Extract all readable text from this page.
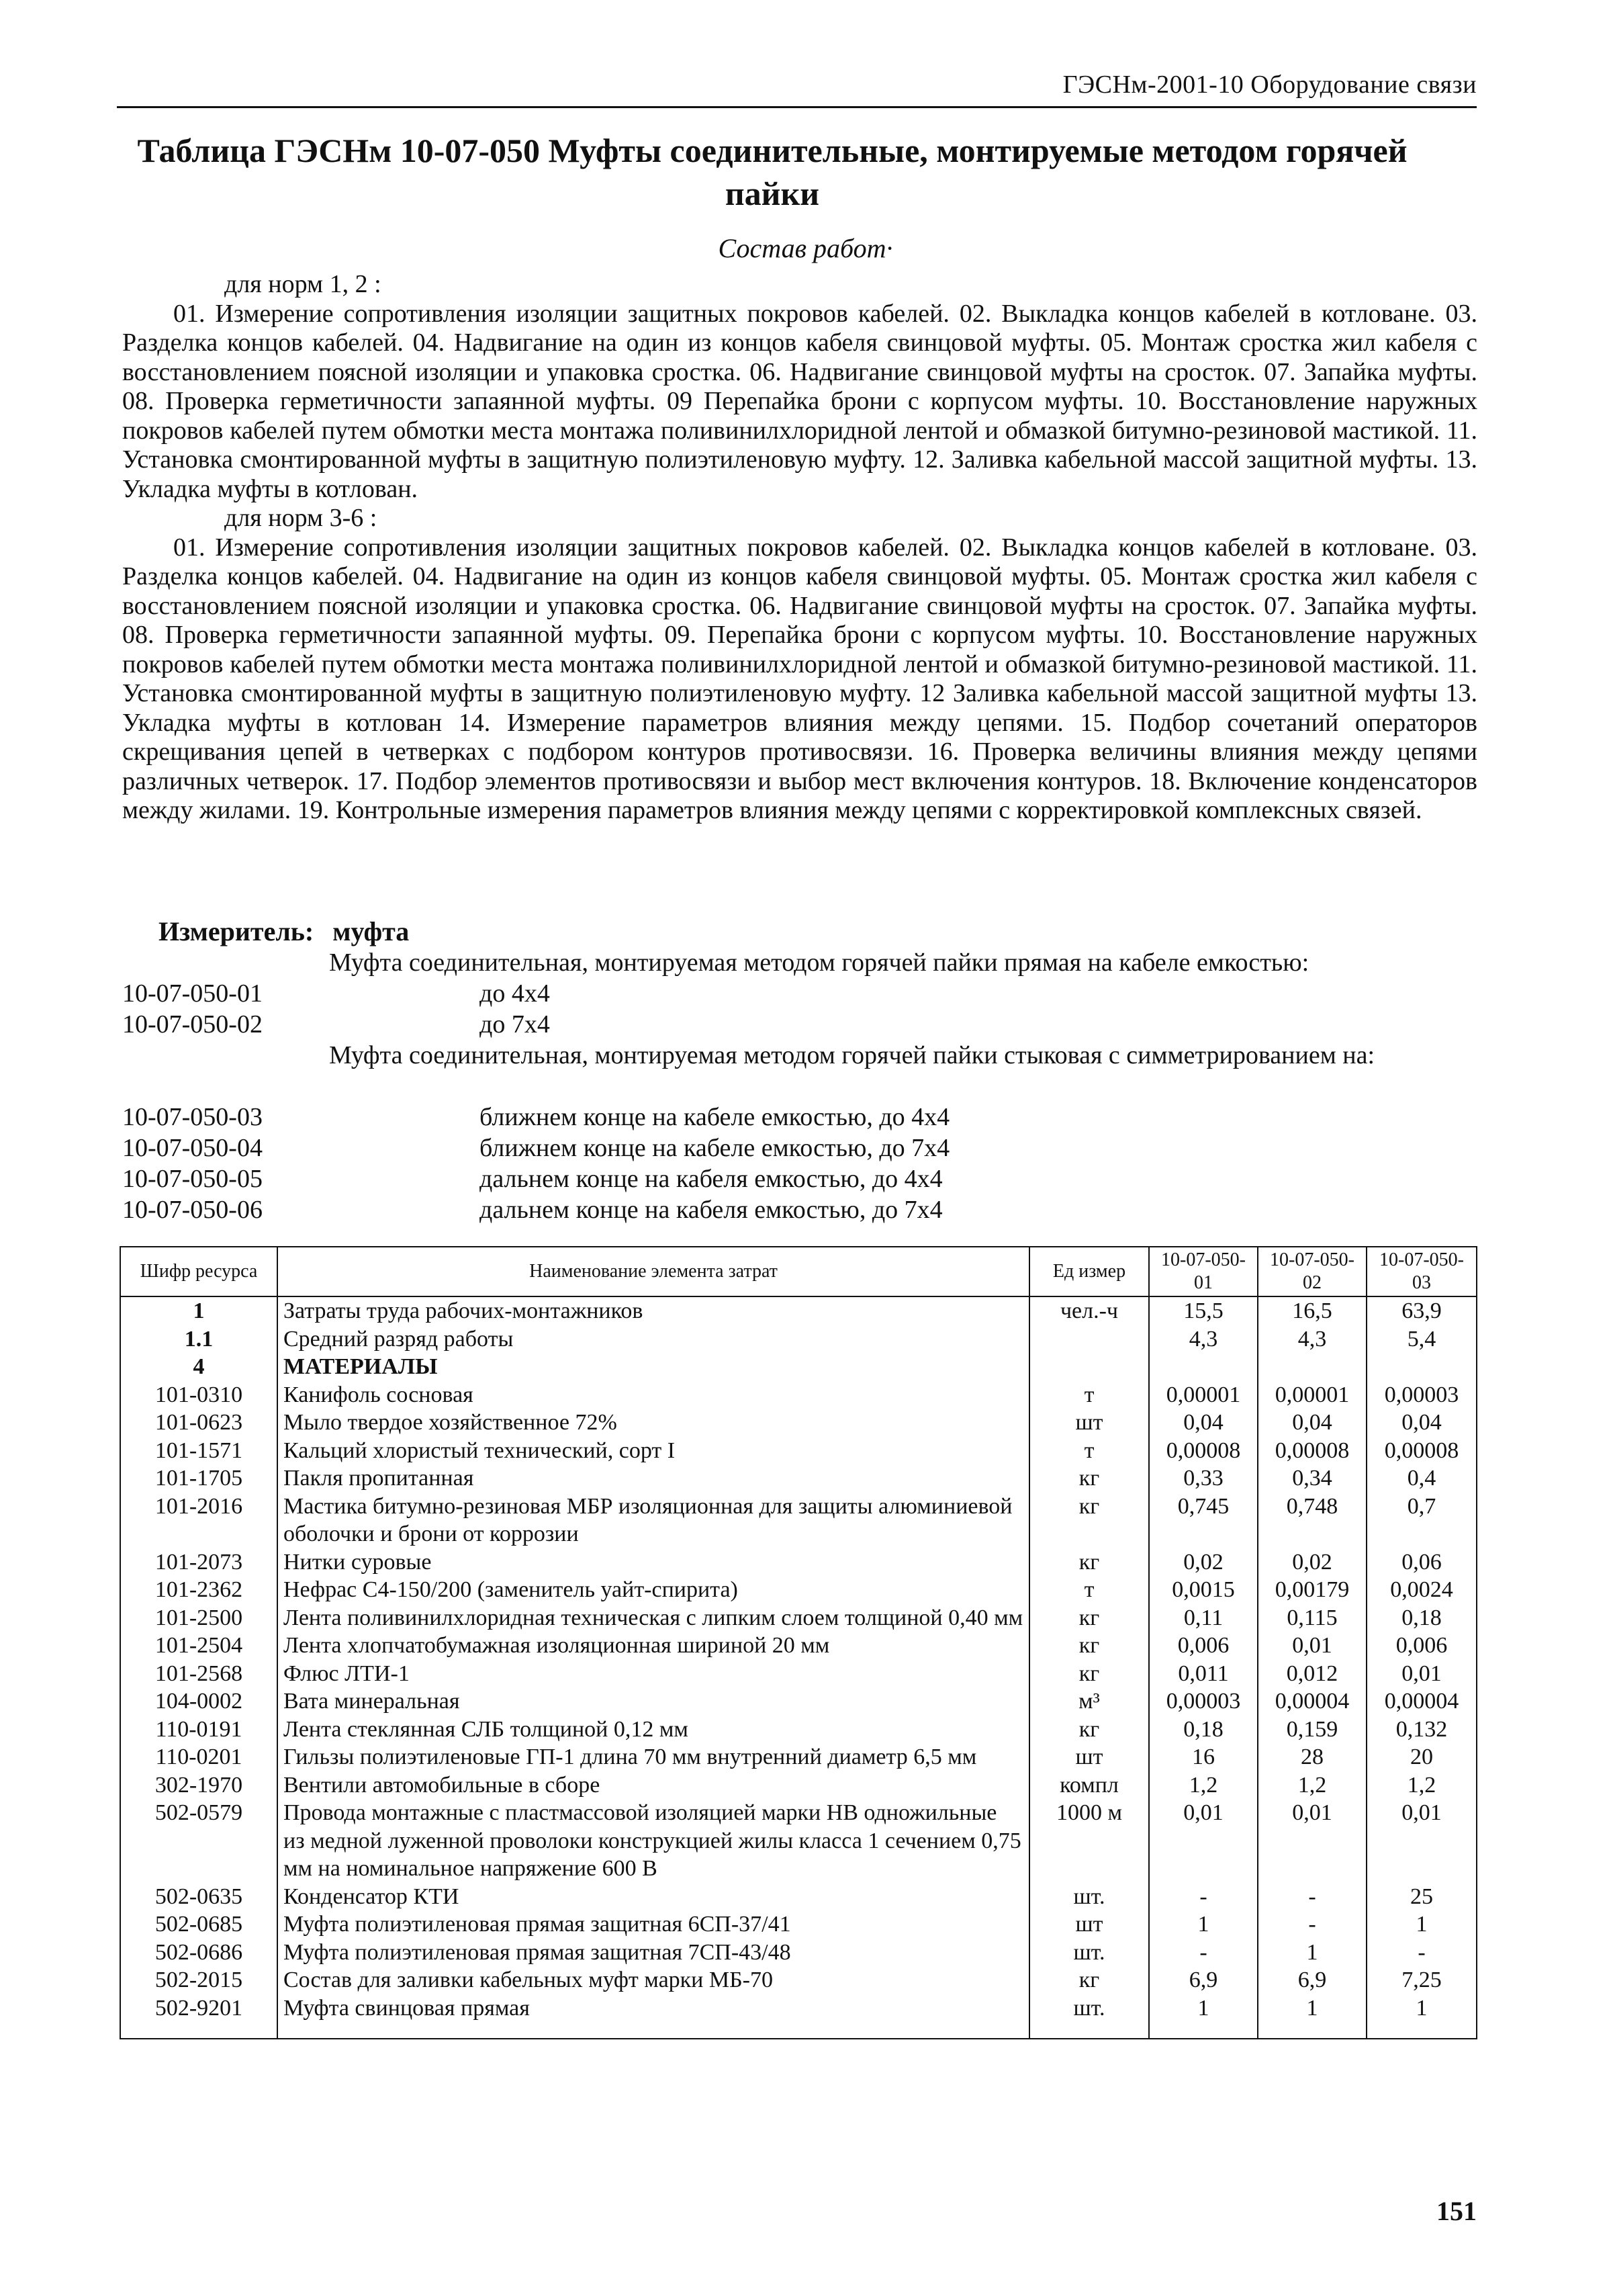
ГЭСНм-2001-10 Оборудование связи
Таблица ГЭСНм 10-07-050 Муфты соединительные, монтируемые методом горячей
пайки
Состав работ·

для норм 1, 2 :

01. Измерение сопротивления изоляции защитных покровов кабелей. 02. Выкладка концов кабелей в котловане. 03. Разделка концов кабелей. 04. Надвигание на один из концов кабеля свинцовой муфты. 05. Монтаж сростка жил кабеля с восстановлением поясной изоляции и упаковка сростка. 06. Надвигание свинцовой муфты на сросток. 07. Запайка муфты. 08. Проверка герметичности запаянной муфты. 09 Перепайка брони с корпусом муфты. 10. Восстановление наружных покровов кабелей путем обмотки места монтажа поливинилхлоридной лентой и обмазкой битумно-резиновой мастикой. 11. Установка смонтированной муфты в защитную полиэтиленовую муфту. 12. Заливка кабельной массой защитной муфты. 13. Укладка муфты в котлован.

для норм 3-6 :

01. Измерение сопротивления изоляции защитных покровов кабелей. 02. Выкладка концов кабелей в котловане. 03. Разделка концов кабелей. 04. Надвигание на один из концов кабеля свинцовой муфты. 05. Монтаж сростка жил кабеля с восстановлением поясной изоляции и упаковка сростка. 06. Надвигание свинцовой муфты на сросток. 07. Запайка муфты. 08. Проверка герметичности запаянной муфты. 09. Перепайка брони с корпусом муфты. 10. Восстановление наружных покровов кабелей путем обмотки места монтажа поливинилхлоридной лентой и обмазкой битумно-резиновой мастикой. 11. Установка смонтированной муфты в защитную полиэтиленовую муфту. 12 Заливка кабельной массой защитной муфты 13. Укладка муфты в котлован 14. Измерение параметров влияния между цепями. 15. Подбор сочетаний операторов скрещивания цепей в четверках с подбором контуров противосвязи. 16. Проверка величины влияния между цепями различных четверок. 17. Подбор элементов противосвязи и выбор мест включения контуров. 18. Включение конденсаторов между жилами. 19. Контрольные измерения параметров влияния между цепями с корректировкой комплексных связей.

Измеритель: муфта
Муфта соединительная, монтируемая методом горячей пайки прямая на кабеле емкостью:
10-07-050-01	до 4х4
10-07-050-02	до 7х4
Муфта соединительная, монтируемая методом горячей пайки стыковая с симметрированием на:
10-07-050-03	ближнем конце на кабеле емкостью, до 4х4
10-07-050-04	ближнем конце на кабеле емкостью, до 7х4
10-07-050-05	дальнем конце на кабеля емкостью, до 4х4
10-07-050-06	дальнем конце на кабеля емкостью, до 7х4
Шифр ресурса	Наименование элемента затрат	Ед измер	10-07-050-01	10-07-050-02	10-07-050-03
1	Затраты труда рабочих-монтажников	чел.-ч	15,5	16,5	63,9
1.1	Средний разряд работы		4,3	4,3	5,4
4	МАТЕРИАЛЫ				
101-0310	Канифоль сосновая	т	0,00001	0,00001	0,00003
101-0623	Мыло твердое хозяйственное 72%	шт	0,04	0,04	0,04
101-1571	Кальций хлористый технический, сорт I	т	0,00008	0,00008	0,00008
101-1705	Пакля пропитанная	кг	0,33	0,34	0,4
101-2016	Мастика битумно-резиновая МБР изоляционная для защиты алюминиевой оболочки и брони от коррозии	кг	0,745	0,748	0,7
101-2073	Нитки суровые	кг	0,02	0,02	0,06
101-2362	Нефрас С4-150/200 (заменитель уайт-спирита)	т	0,0015	0,00179	0,0024
101-2500	Лента поливинилхлоридная техническая с липким слоем толщиной 0,40 мм	кг	0,11	0,115	0,18
101-2504	Лента хлопчатобумажная изоляционная шириной 20 мм	кг	0,006	0,01	0,006
101-2568	Флюс ЛТИ-1	кг	0,011	0,012	0,01
104-0002	Вата минеральная	м³	0,00003	0,00004	0,00004
110-0191	Лента стеклянная СЛБ толщиной 0,12 мм	кг	0,18	0,159	0,132
110-0201	Гильзы полиэтиленовые ГП-1 длина 70 мм внутренний диаметр 6,5 мм	шт	16	28	20
302-1970	Вентили автомобильные в сборе	компл	1,2	1,2	1,2
502-0579	Провода монтажные с пластмассовой изоляцией марки НВ одножильные из медной луженной проволоки конструкцией жилы класса 1 сечением 0,75 мм на номинальное напряжение 600 В	1000 м	0,01	0,01	0,01
502-0635	Конденсатор КТИ	шт.	-	-	25
502-0685	Муфта полиэтиленовая прямая защитная 6СП-37/41	шт	1	-	1
502-0686	Муфта полиэтиленовая прямая защитная 7СП-43/48	шт.	-	1	-
502-2015	Состав для заливки кабельных муфт марки МБ-70	кг	6,9	6,9	7,25
502-9201	Муфта свинцовая прямая	шт.	1	1	1
151
